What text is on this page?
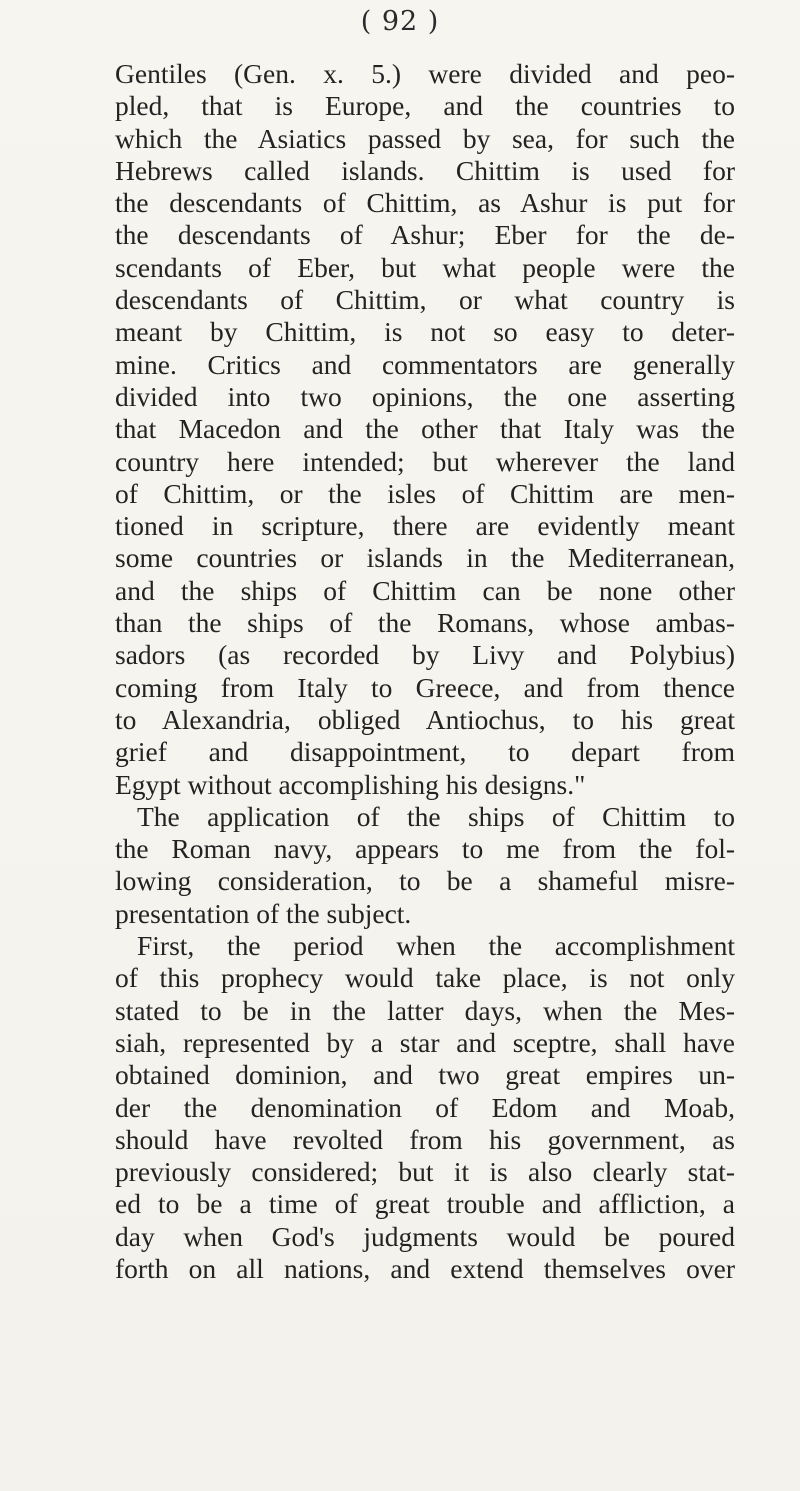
( 92 )
Gentiles (Gen. x. 5.) were divided and peo-
pled, that is Europe, and the countries to
which the Asiatics passed by sea, for such the
Hebrews called islands. Chittim is used for
the descendants of Chittim, as Ashur is put for
the descendants of Ashur; Eber for the de-
scendants of Eber, but what people were the
descendants of Chittim, or what country is
meant by Chittim, is not so easy to deter-
mine. Critics and commentators are generally
divided into two opinions, the one asserting
that Macedon and the other that Italy was the
country here intended; but wherever the land
of Chittim, or the isles of Chittim are men-
tioned in scripture, there are evidently meant
some countries or islands in the Mediterranean,
and the ships of Chittim can be none other
than the ships of the Romans, whose ambas-
sadors (as recorded by Livy and Polybius)
coming from Italy to Greece, and from thence
to Alexandria, obliged Antiochus, to his great
grief and disappointment, to depart from
Egypt without accomplishing his designs."
The application of the ships of Chittim to
the Roman navy, appears to me from the fol-
lowing consideration, to be a shameful misre-
presentation of the subject.
First, the period when the accomplishment
of this prophecy would take place, is not only
stated to be in the latter days, when the Mes-
siah, represented by a star and sceptre, shall have
obtained dominion, and two great empires un-
der the denomination of Edom and Moab,
should have revolted from his government, as
previously considered; but it is also clearly stat-
ed to be a time of great trouble and affliction, a
day when God's judgments would be poured
forth on all nations, and extend themselves over
